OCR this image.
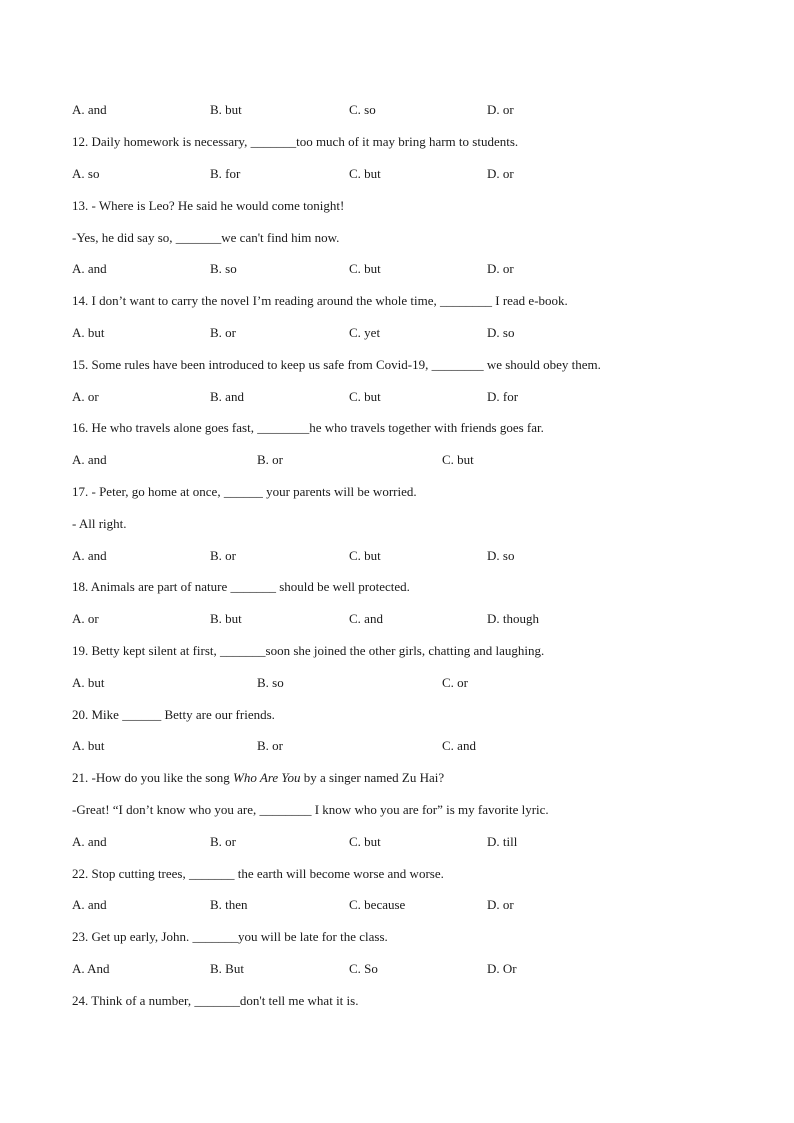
A. and	B. but	C. so	D. or
12. Daily homework is necessary, _______too much of it may bring harm to students.
A. so	B. for	C. but	D. or
13. - Where is Leo? He said he would come tonight!
-Yes, he did say so, _______we can't find him now.
A. and	B. so	C. but	D. or
14. I don’t want to carry the novel I’m reading around the whole time, ________ I read e-book.
A. but	B. or	C. yet	D. so
15. Some rules have been introduced to keep us safe from Covid-19, ________ we should obey them.
A. or	B. and	C. but	D. for
16. He who travels alone goes fast, ________he who travels together with friends goes far.
A. and	B. or	C. but
17. - Peter, go home at once, ______ your parents will be worried.
- All right.
A. and	B. or	C. but	D. so
18. Animals are part of nature _______ should be well protected.
A. or	B. but	C. and	D. though
19. Betty kept silent at first, _______soon she joined the other girls, chatting and laughing.
A. but	B. so	C. or
20. Mike ______ Betty are our friends.
A. but	B. or	C. and
21. -How do you like the song Who Are You by a singer named Zu Hai?
-Great! “I don’t know who you are, ________ I know who you are for” is my favorite lyric.
A. and	B. or	C. but	D. till
22. Stop cutting trees, _______ the earth will become worse and worse.
A. and	B. then	C. because	D. or
23. Get up early, John. _______you will be late for the class.
A. And	B. But	C. So	D. Or
24. Think of a number, _______don't tell me what it is.
